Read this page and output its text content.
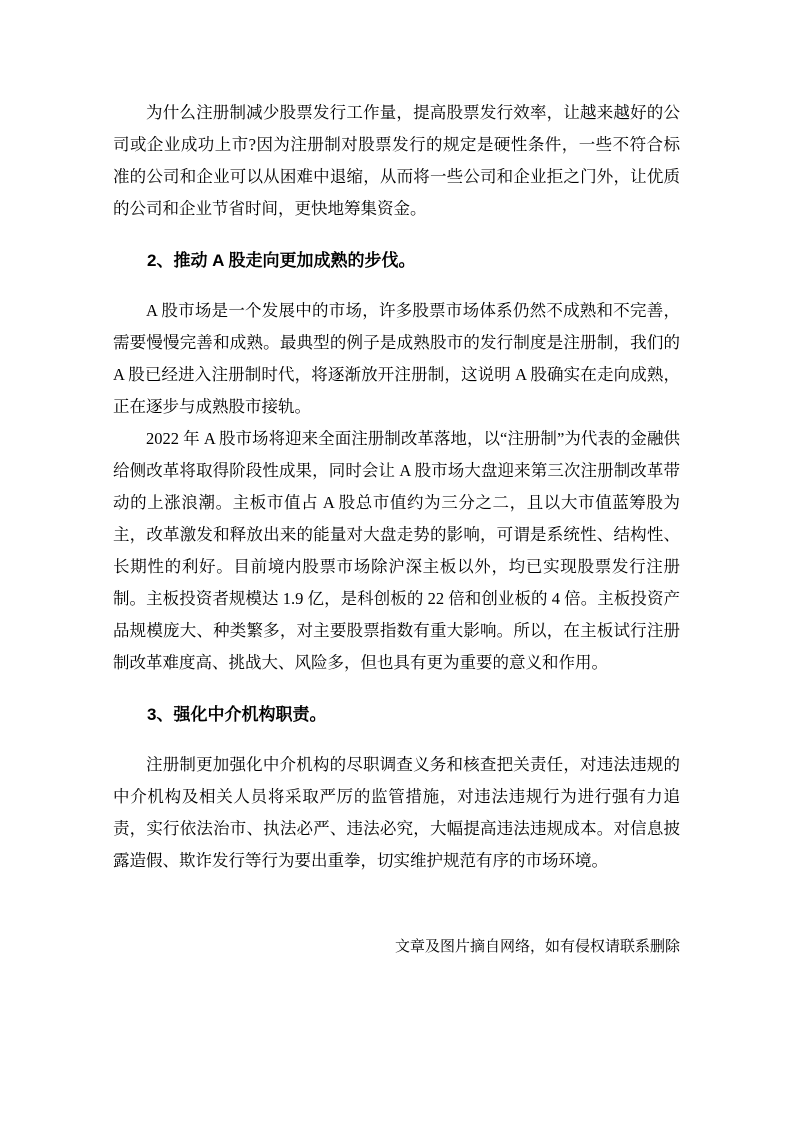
为什么注册制减少股票发行工作量，提高股票发行效率，让越来越好的公司或企业成功上市?因为注册制对股票发行的规定是硬性条件，一些不符合标准的公司和企业可以从困难中退缩，从而将一些公司和企业拒之门外，让优质的公司和企业节省时间，更快地筹集资金。

2、推动 A 股走向更加成熟的步伐。

A 股市场是一个发展中的市场，许多股票市场体系仍然不成熟和不完善，需要慢慢完善和成熟。最典型的例子是成熟股市的发行制度是注册制，我们的 A 股已经进入注册制时代，将逐渐放开注册制，这说明 A 股确实在走向成熟，正在逐步与成熟股市接轨。

2022 年 A 股市场将迎来全面注册制改革落地，以“注册制”为代表的金融供给侧改革将取得阶段性成果，同时会让 A 股市场大盘迎来第三次注册制改革带动的上涨浪潮。主板市值占 A 股总市值约为三分之二，且以大市值蓝筹股为主，改革激发和释放出来的能量对大盘走势的影响，可谓是系统性、结构性、长期性的利好。目前境内股票市场除沪深主板以外，均已实现股票发行注册制。主板投资者规模达 1.9 亿，是科创板的 22 倍和创业板的 4 倍。主板投资产品规模庞大、种类繁多，对主要股票指数有重大影响。所以，在主板试行注册制改革难度高、挑战大、风险多，但也具有更为重要的意义和作用。

3、强化中介机构职责。

注册制更加强化中介机构的尽职调查义务和核查把关责任，对违法违规的中介机构及相关人员将采取严厉的监管措施，对违法违规行为进行强有力追责，实行依法治市、执法必严、违法必究，大幅提高违法违规成本。对信息披露造假、欺诈发行等行为要出重拳，切实维护规范有序的市场环境。

文章及图片摘自网络，如有侵权请联系删除
